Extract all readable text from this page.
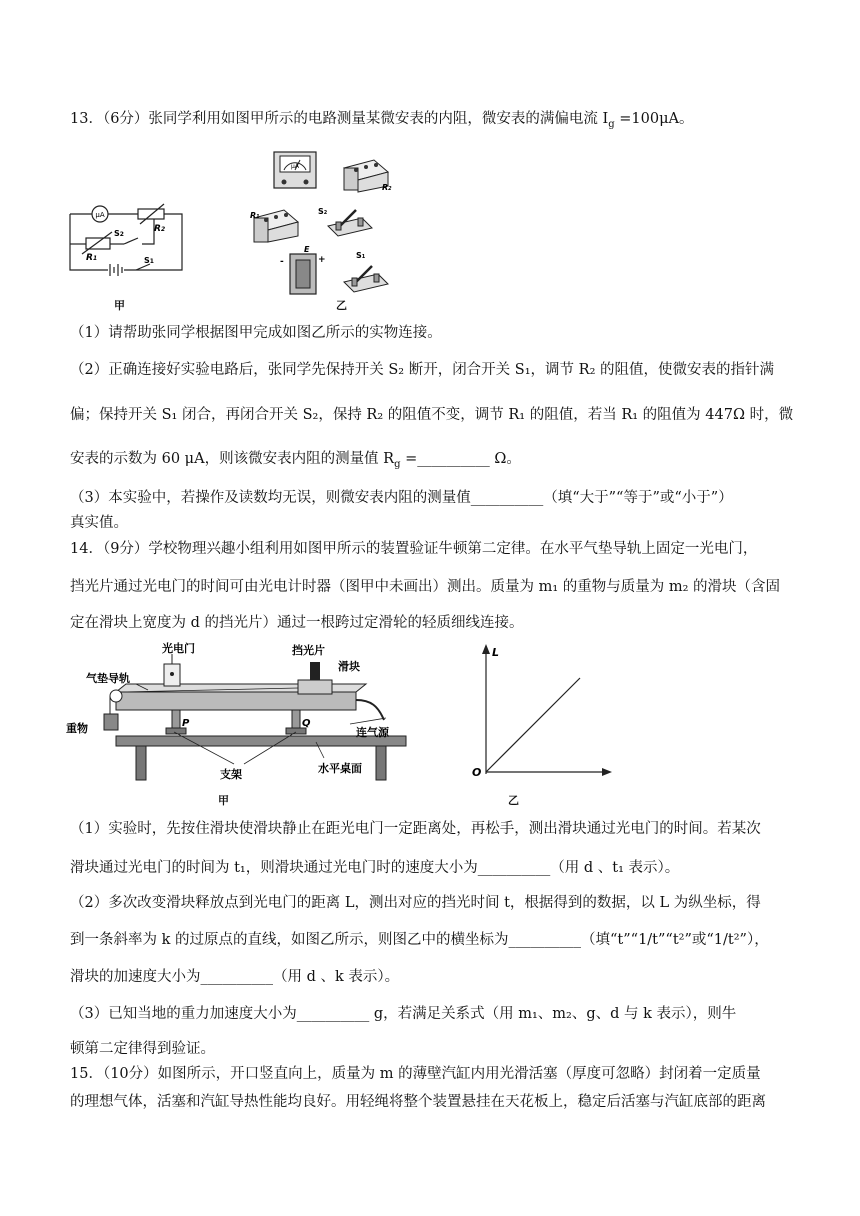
13．（6分）张同学利用如图甲所示的电路测量某微安表的内阻，微安表的满偏电流 $I_g =100\mu A$。
μA
R2
R1
S2
S1
甲
μA
R2
R1
S2
E
-	+	S1
乙
（1）请帮助张同学根据图甲完成如图乙所示的实物连接。
（2）正确连接好实验电路后，张同学先保持开关 S₂ 断开，闭合开关 S₁，调节 R₂ 的阻值，使微安表的指针满
偏；保持开关 S₁ 闭合，再闭合开关 S₂，保持 R₂ 的阻值不变，调节 R₁ 的阻值，若当 R₁ 的阻值为 447Ω 时，微
安表的示数为 60 μA，则该微安表内阻的测量值 $R_g$ =__________ Ω。
（3）本实验中，若操作及读数均无误，则微安表内阻的测量值__________（填“大于”“等于”或“小于”）
真实值。
14．（9分）学校物理兴趣小组利用如图甲所示的装置验证牛顿第二定律。在水平气垫导轨上固定一光电门，
挡光片通过光电门的时间可由光电计时器（图甲中未画出）测出。质量为 m₁ 的重物与质量为 m₂ 的滑块（含固
定在滑块上宽度为 d 的挡光片）通过一根跨过定滑轮的轻质细线连接。
光电门	挡光片
滑块
气垫导轨
重物	连气源
支架	水平桌面
P	Q
甲
L
O
乙
（1）实验时，先按住滑块使滑块静止在距光电门一定距离处，再松手，测出滑块通过光电门的时间。若某次
滑块通过光电门的时间为 t₁，则滑块通过光电门时的速度大小为__________（用 d 、t₁ 表示）。
（2）多次改变滑块释放点到光电门的距离 L，测出对应的挡光时间 t，根据得到的数据，以 L 为纵坐标，得
到一条斜率为 k 的过原点的直线，如图乙所示，则图乙中的横坐标为__________（填“t”“1/t”“t²”或“1/t²”），
滑块的加速度大小为__________（用 d 、k 表示）。
（3）已知当地的重力加速度大小为__________ g，若满足关系式（用 m₁、m₂、g、d 与 k 表示），则牛
顿第二定律得到验证。
15．（10分）如图所示，开口竖直向上，质量为 m 的薄壁汽缸内用光滑活塞（厚度可忽略）封闭着一定质量
的理想气体，活塞和汽缸导热性能均良好。用轻绳将整个装置悬挂在天花板上，稳定后活塞与汽缸底部的距离
